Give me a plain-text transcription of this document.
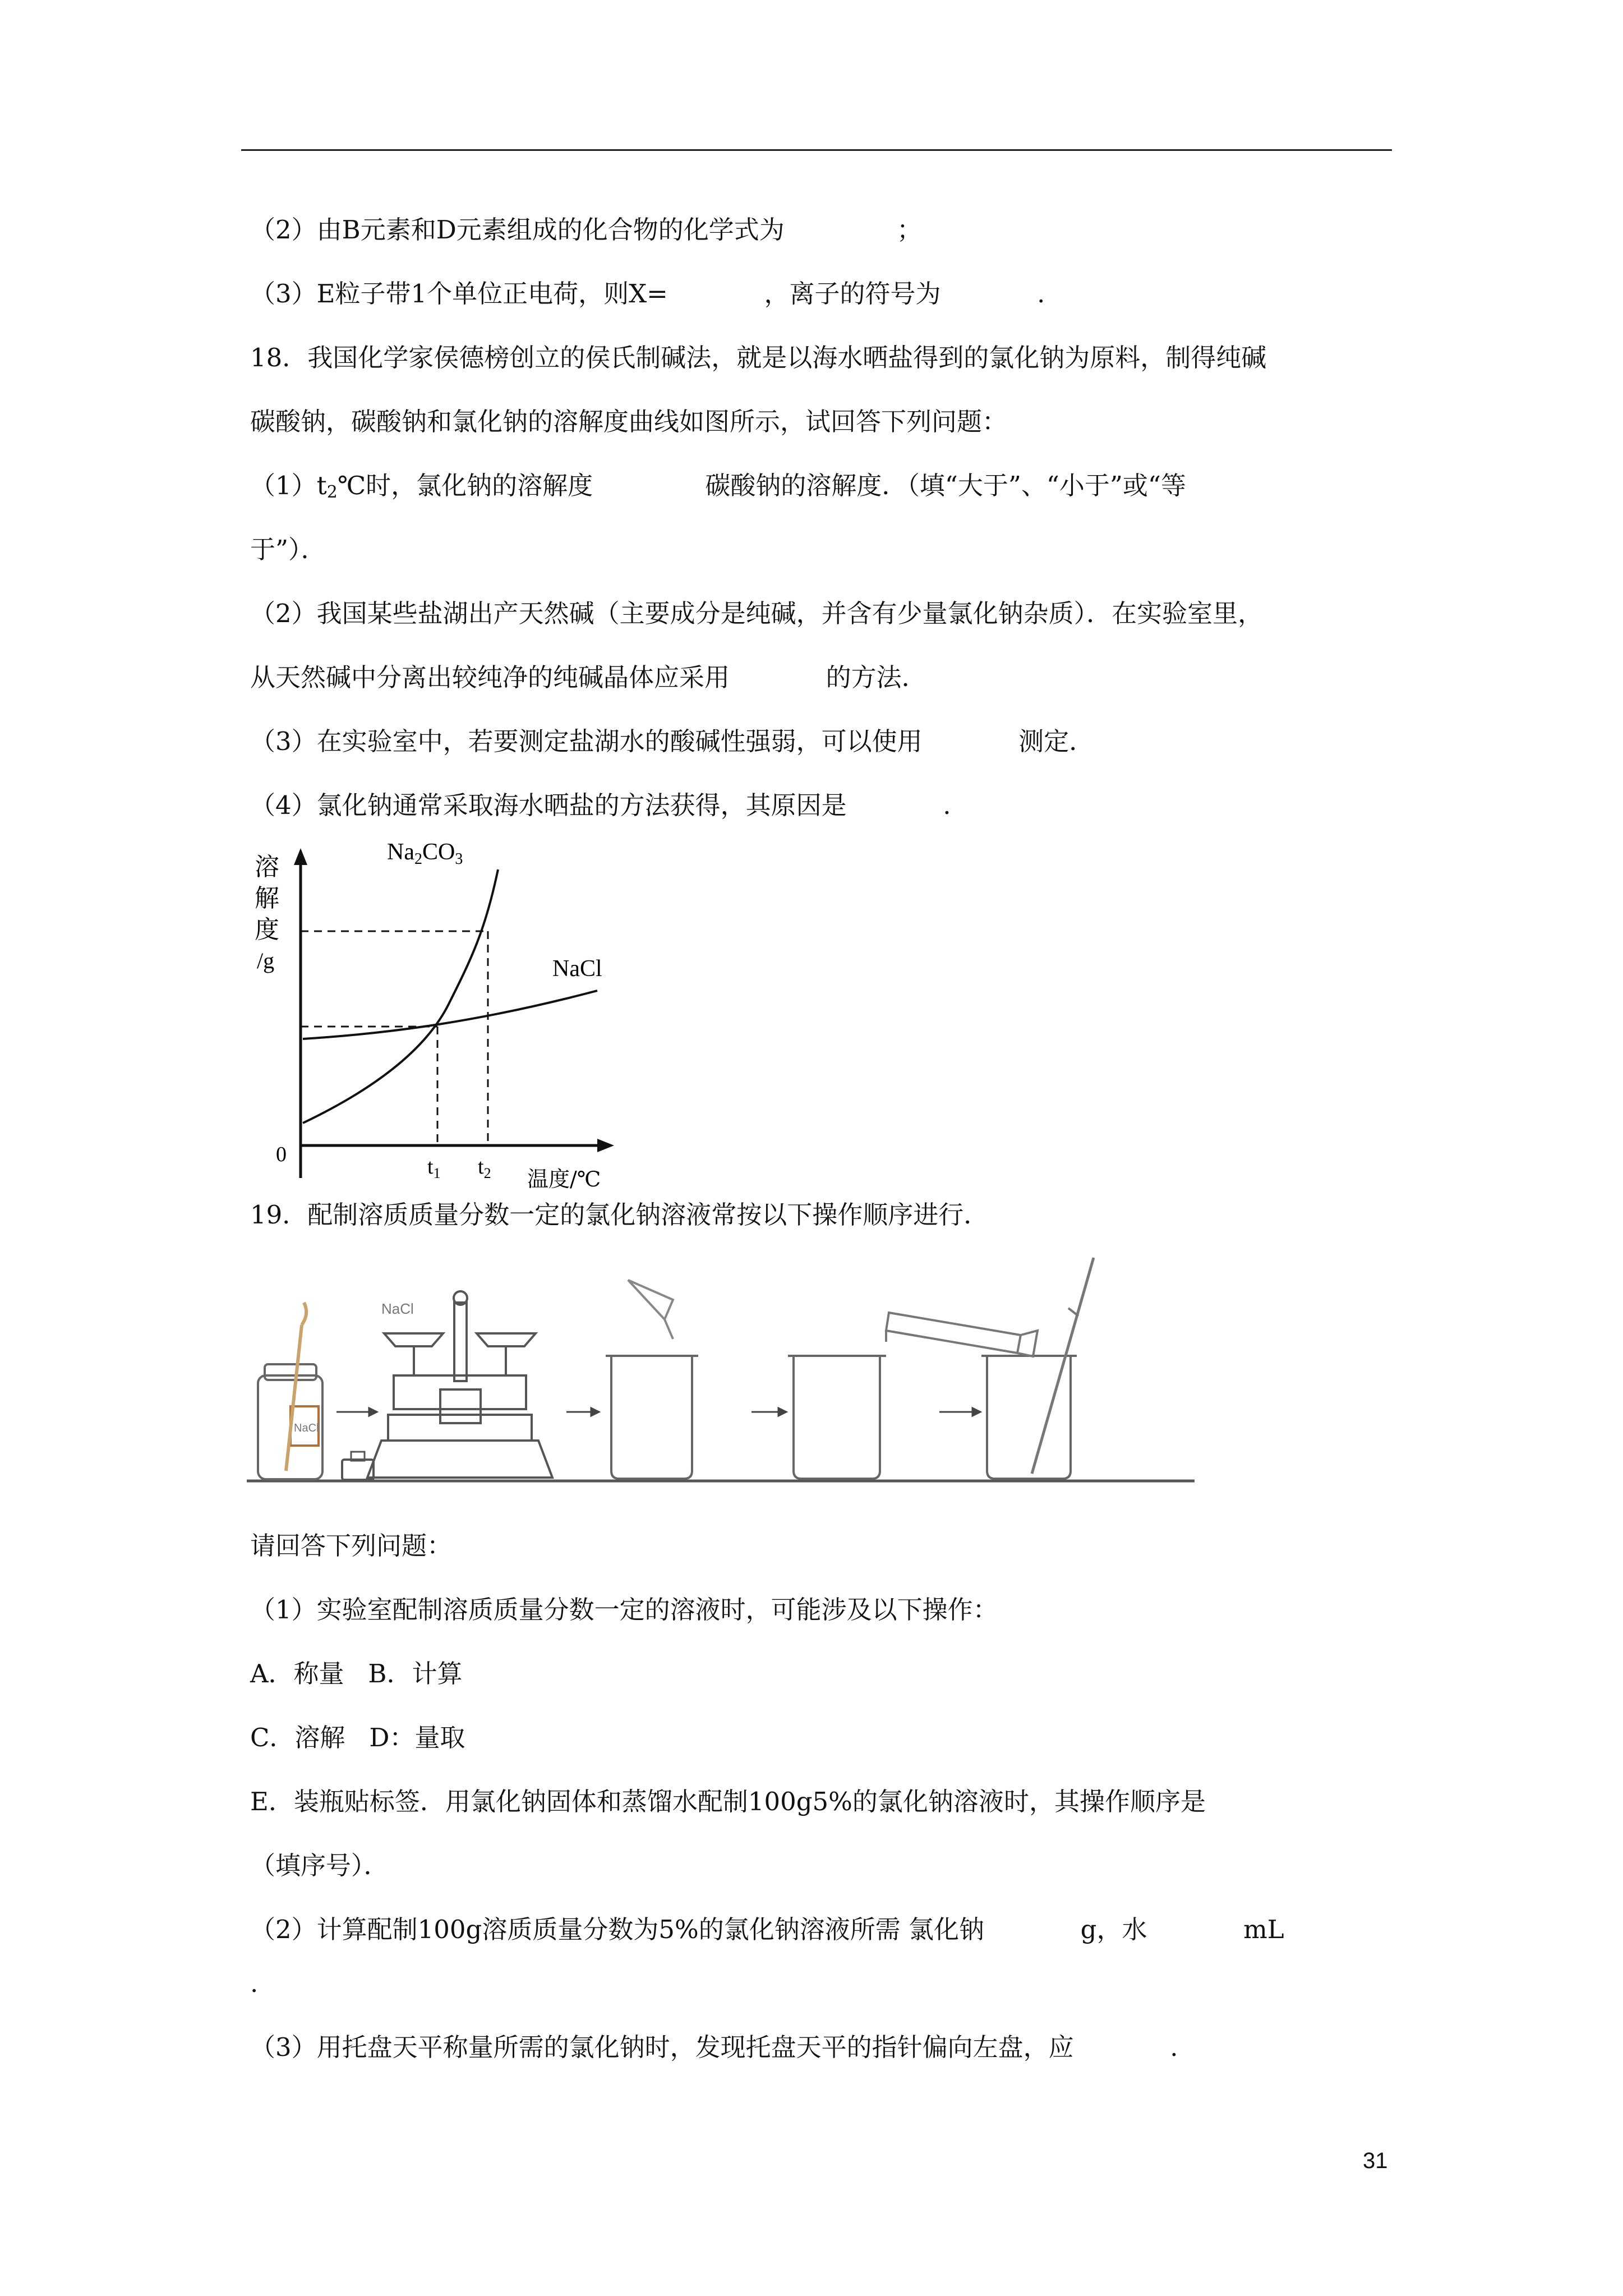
（2）由B元素和D元素组成的化合物的化学式为              ；
（3）E粒子带1个单位正电荷，则X=            ，离子的符号为            .
18．我国化学家侯德榜创立的侯氏制碱法，就是以海水晒盐得到的氯化钠为原料，制得纯碱
碳酸钠，碳酸钠和氯化钠的溶解度曲线如图所示，试回答下列问题：
$(1)t_2℃$时，氯化钠的溶解度              碳酸钠的溶解度．（填“大于”、“小于”或“等
于”）．
（2）我国某些盐湖出产天然碱（主要成分是纯碱，并含有少量氯化钠杂质）．在实验室里，
从天然碱中分离出较纯净的纯碱晶体应采用            的方法．
（3）在实验室中，若要测定盐湖水的酸碱性强弱，可以使用            测定．
（4）氯化钠通常采取海水晒盐的方法获得，其原因是            .
溶
解
度
/g
Na2CO3
NaCl
0
$t_1$ $t_2$ 温度/℃
19．配制溶质质量分数一定的氯化钠溶液常按以下操作顺序进行．
NaCl
NaCl
请回答下列问题：
（1）实验室配制溶质质量分数一定的溶液时，可能涉及以下操作：
A．称量   B．计算
C．溶解   D：量取
E．装瓶贴标签．用氯化钠固体和蒸馏水配制100g5%的氯化钠溶液时，其操作顺序是
（填序号）．
（2）计算配制100g溶质质量分数为5%的氯化钠溶液所需 氯化钠            g，水            mL
.
（3）用托盘天平称量所需的氯化钠时，发现托盘天平的指针偏向左盘，应            .
31
